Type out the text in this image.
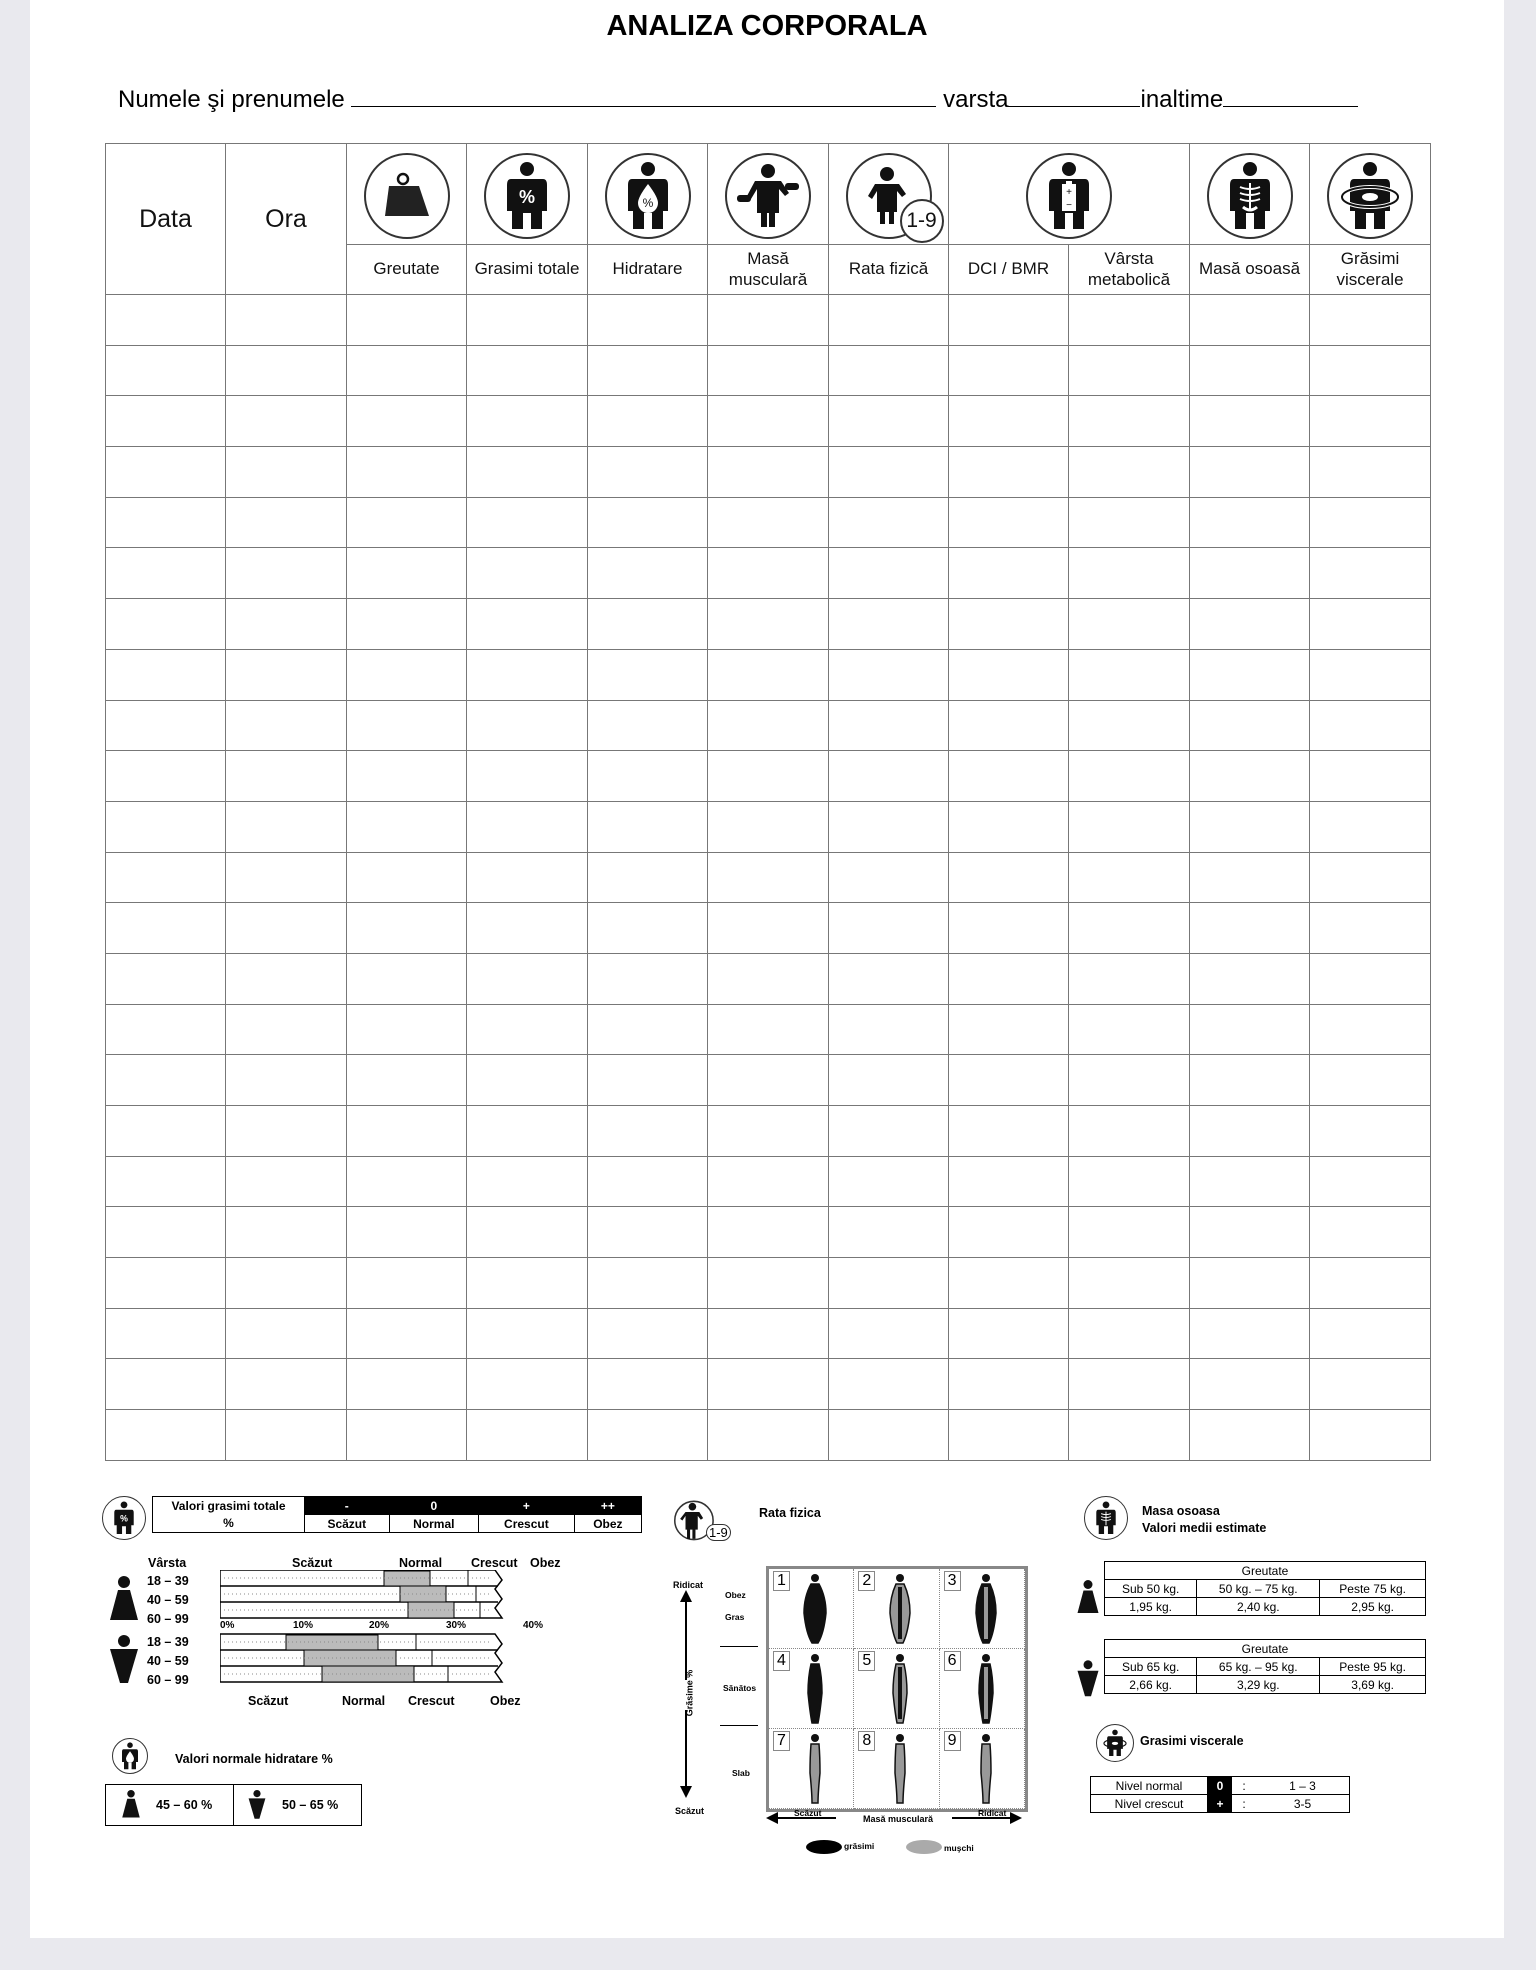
ANALIZA CORPORALA
Numele şi prenumele	varsta	inaltime
Data	Ora		%	%		1-9	+
−

		Greutate	Grasimi totale	Hidratare	Masă musculară	Rata fizică	DCI / BMR	Vârsta metabolică	Masă osoasă	Grăsimi viscerale

%
Valori grasimi totale	-	0	+	++
%	Scăzut	Normal	Crescut	Obez
Vârsta	Scăzut	Normal Crescut Obez
18 – 39
40 – 59
60 – 99
18 – 39
40 – 59
60 – 99
0%	10%	20%	30%	40%
Scăzut	Normal Crescut	Obez
Valori normale hidratare %
45 – 60 %	50 – 65 %
1-9
Rata fizica
Ridicat
Grăsime %
Scăzut
Obez
Gras
Sănătos
Slab
1	2	3
4	5	6
7	8	9
Scăzut
Masă musculară
Ridicat
grăsimi	muşchi
Masa osoasa
Valori medii estimate
Greutate		
Sub 50 kg.	50 kg. – 75 kg.	Peste 75 kg.
1,95 kg.	2,40 kg.	2,95 kg.
Greutate		
Sub 65 kg.	65 kg. – 95 kg.	Peste 95 kg.
2,66 kg.	3,29 kg.	3,69 kg.
Grasimi viscerale
Nivel normal	0	:	1 – 3
Nivel crescut	+	:	3-5
